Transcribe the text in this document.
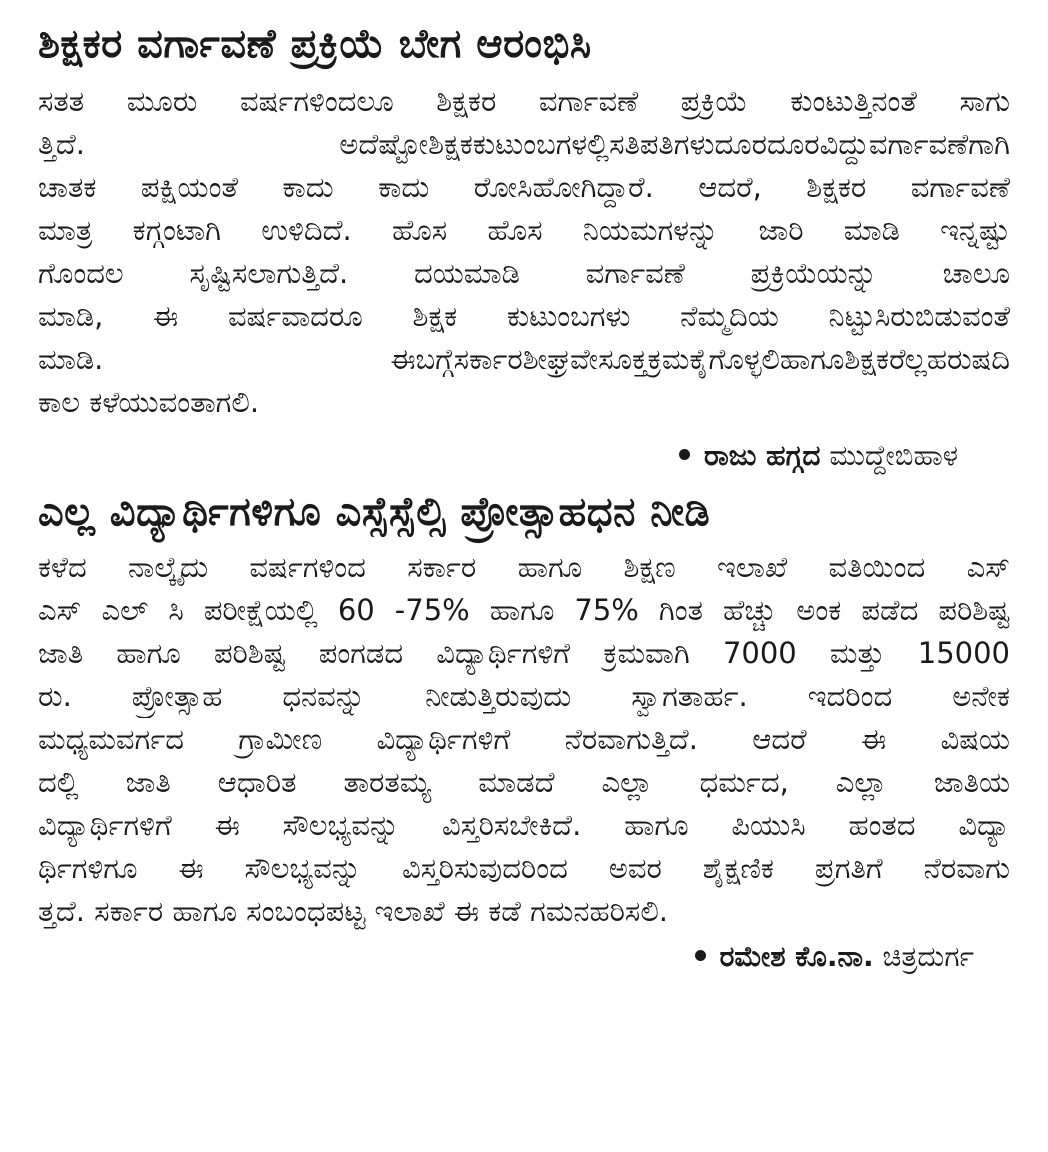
ಶಿಕ್ಷಕರ ವರ್ಗಾವಣೆ ಪ್ರಕ್ರಿಯೆ ಬೇಗ ಆರಂಭಿಸಿ
ಸತತ ಮೂರು ವರ್ಷಗಳಿಂದಲೂ ಶಿಕ್ಷಕರ ವರ್ಗಾವಣೆ ಪ್ರಕ್ರಿಯೆ ಕುಂಟುತ್ತಿನಂತೆ ಸಾಗು
ತ್ತಿದೆ. ಅದೆಷ್ಟೋಶಿಕ್ಷಕಕುಟುಂಬಗಳಲ್ಲಿಸತಿಪತಿಗಳುದೂರದೂರವಿದ್ದುವರ್ಗಾವಣೆಗಾಗಿ
ಚಾತಕ ಪಕ್ಷಿಯಂತೆ ಕಾದು ಕಾದು ರೋಸಿಹೋಗಿದ್ದಾರೆ. ಆದರೆ, ಶಿಕ್ಷಕರ ವರ್ಗಾವಣೆ
ಮಾತ್ರ ಕಗ್ಗಂಟಾಗಿ ಉಳಿದಿದೆ. ಹೊಸ ಹೊಸ ನಿಯಮಗಳನ್ನು ಜಾರಿ ಮಾಡಿ ಇನ್ನಷ್ಟು
ಗೊಂದಲ ಸೃಷ್ಟಿಸಲಾಗುತ್ತಿದೆ. ದಯಮಾಡಿ ವರ್ಗಾವಣೆ ಪ್ರಕ್ರಿಯೆಯನ್ನು ಚಾಲೂ
ಮಾಡಿ, ಈ ವರ್ಷವಾದರೂ ಶಿಕ್ಷಕ ಕುಟುಂಬಗಳು ನೆಮ್ಮದಿಯ ನಿಟ್ಟುಸಿರುಬಿಡುವಂತೆ
ಮಾಡಿ. ಈಬಗ್ಗೆಸರ್ಕಾರಶೀಘ್ರವೇಸೂಕ್ತಕ್ರಮಕೈಗೊಳ್ಳಲಿಹಾಗೂಶಿಕ್ಷಕರೆಲ್ಲಹರುಷದಿ
ಕಾಲ ಕಳೆಯುವಂತಾಗಲಿ.
ರಾಜು ಹಗ್ಗದ ಮುದ್ದೇಬಿಹಾಳ
ಎಲ್ಲ ವಿದ್ಯಾರ್ಥಿಗಳಿಗೂ ಎಸ್ಸೆಸ್ಸೆಲ್ಸಿ ಪ್ರೋತ್ಸಾಹಧನ ನೀಡಿ
ಕಳೆದ ನಾಲ್ಕೈದು ವರ್ಷಗಳಿಂದ ಸರ್ಕಾರ ಹಾಗೂ ಶಿಕ್ಷಣ ಇಲಾಖೆ ವತಿಯಿಂದ ಎಸ್
ಎಸ್ ಎಲ್ ಸಿ ಪರೀಕ್ಷೆಯಲ್ಲಿ 60 -75% ಹಾಗೂ 75% ಗಿಂತ ಹೆಚ್ಚು ಅಂಕ ಪಡೆದ ಪರಿಶಿಷ್ಟ
ಜಾತಿ ಹಾಗೂ ಪರಿಶಿಷ್ಟ ಪಂಗಡದ ವಿದ್ಯಾರ್ಥಿಗಳಿಗೆ ಕ್ರಮವಾಗಿ 7000 ಮತ್ತು 15000
ರು. ಪ್ರೋತ್ಸಾಹ ಧನವನ್ನು ನೀಡುತ್ತಿರುವುದು ಸ್ವಾಗತಾರ್ಹ. ಇದರಿಂದ ಅನೇಕ
ಮಧ್ಯಮವರ್ಗದ ಗ್ರಾಮೀಣ ವಿದ್ಯಾರ್ಥಿಗಳಿಗೆ ನೆರವಾಗುತ್ತಿದೆ. ಆದರೆ ಈ ವಿಷಯ
ದಲ್ಲಿ ಜಾತಿ ಆಧಾರಿತ ತಾರತಮ್ಯ ಮಾಡದೆ ಎಲ್ಲಾ ಧರ್ಮದ, ಎಲ್ಲಾ ಜಾತಿಯ
ವಿದ್ಯಾರ್ಥಿಗಳಿಗೆ ಈ ಸೌಲಭ್ಯವನ್ನು ವಿಸ್ತರಿಸಬೇಕಿದೆ. ಹಾಗೂ ಪಿಯುಸಿ ಹಂತದ ವಿದ್ಯಾ
ರ್ಥಿಗಳಿಗೂ ಈ ಸೌಲಭ್ಯವನ್ನು ವಿಸ್ತರಿಸುವುದರಿಂದ ಅವರ ಶೈಕ್ಷಣಿಕ ಪ್ರಗತಿಗೆ ನೆರವಾಗು
ತ್ತದೆ. ಸರ್ಕಾರ ಹಾಗೂ ಸಂಬಂಧಪಟ್ಟ ಇಲಾಖೆ ಈ ಕಡೆ ಗಮನಹರಿಸಲಿ.
ರಮೇಶ ಕೊ.ನಾ. ಚಿತ್ರದುರ್ಗ
